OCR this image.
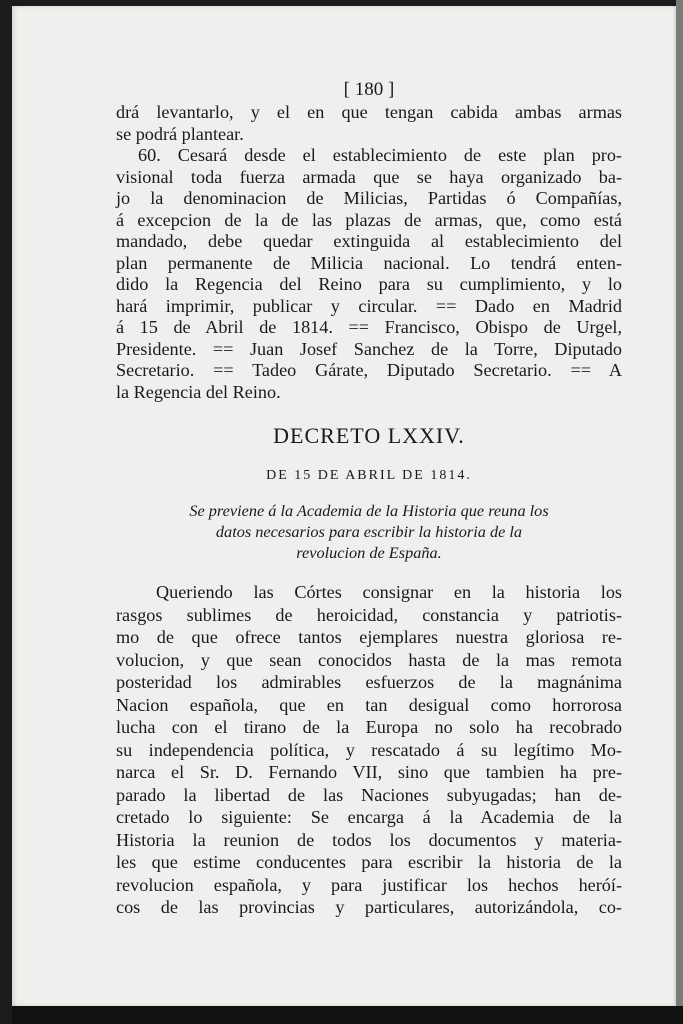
[ 180 ]
drá levantarlo, y el en que tengan cabida ambas armas
se podrá plantear.
60. Cesará desde el establecimiento de este plan pro-
visional toda fuerza armada que se haya organizado ba-
jo la denominacion de Milicias, Partidas ó Compañías,
á excepcion de la de las plazas de armas, que, como está
mandado, debe quedar extinguida al establecimiento del
plan permanente de Milicia nacional. Lo tendrá enten-
dido la Regencia del Reino para su cumplimiento, y lo
hará imprimir, publicar y circular. == Dado en Madrid
á 15 de Abril de 1814. == Francisco, Obispo de Urgel,
Presidente. == Juan Josef Sanchez de la Torre, Diputado
Secretario. == Tadeo Gárate, Diputado Secretario. == A
la Regencia del Reino.
DECRETO LXXIV.
DE 15 DE ABRIL DE 1814.
Se previene á la Academia de la Historia que reuna los
datos necesarios para escribir la historia de la
revolucion de España.
Queriendo las Córtes consignar en la historia los
rasgos sublimes de heroicidad, constancia y patriotis-
mo de que ofrece tantos ejemplares nuestra gloriosa re-
volucion, y que sean conocidos hasta de la mas remota
posteridad los admirables esfuerzos de la magnánima
Nacion española, que en tan desigual como horrorosa
lucha con el tirano de la Europa no solo ha recobrado
su independencia política, y rescatado á su legítimo Mo-
narca el Sr. D. Fernando VII, sino que tambien ha pre-
parado la libertad de las Naciones subyugadas; han de-
cretado lo siguiente: Se encarga á la Academia de la
Historia la reunion de todos los documentos y materia-
les que estime conducentes para escribir la historia de la
revolucion española, y para justificar los hechos heróí-
cos de las provincias y particulares, autorizándola, co-
